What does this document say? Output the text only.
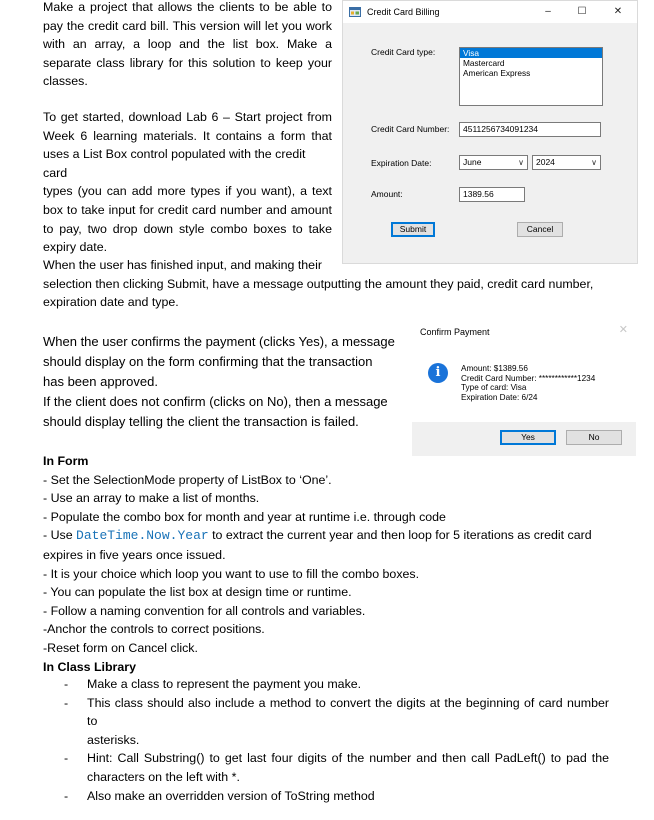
Make a project that allows the clients to be able to
pay the credit card bill. This version will let you work
with an array, a loop and the list box. Make a
separate class library for this solution to keep your
classes.
To get started, download Lab 6 – Start project from
Week 6 learning materials. It contains a form that
uses a List Box control populated with the credit card
types (you can add more types if you want), a text
box to take input for credit card number and amount
to pay, two drop down style combo boxes to take
expiry date.
Credit Card Billing	–	☐	✕
Credit Card type:	Visa
Mastercard
American Express
Credit Card Number:	4511256734091234
Expiration Date:	June	∨	2024	∨
Amount:	1389.56
Submit	Cancel
When the user has finished input, and making their
selection then clicking Submit, have a message outputting the amount they paid, credit card number,
expiration date and type.
When the user confirms the payment (clicks Yes), a message
should display on the form confirming that the transaction
has been approved.
If the client does not confirm (clicks on No), then a message
should display telling the client the transaction is failed.
Confirm Payment	✕
i	Amount: $1389.56
Credit Card Number: ************1234
Type of card: Visa
Expiration Date: 6/24
Yes	No
In Form
- Set the SelectionMode property of ListBox to ‘One’.
- Use an array to make a list of months.
- Populate the combo box for month and year at runtime i.e. through code
- Use DateTime.Now.Year to extract the current year and then loop for 5 iterations as credit card
expires in five years once issued.
- It is your choice which loop you want to use to fill the combo boxes.
- You can populate the list box at design time or runtime.
- Follow a naming convention for all controls and variables.
-Anchor the controls to correct positions.
-Reset form on Cancel click.
In Class Library
- Make a class to represent the payment you make.
- This class should also include a method to convert the digits at the beginning of card number to
asterisks.
- Hint: Call Substring() to get last four digits of the number and then call PadLeft() to pad the
characters on the left with *.
- Also make an overridden version of ToString method
